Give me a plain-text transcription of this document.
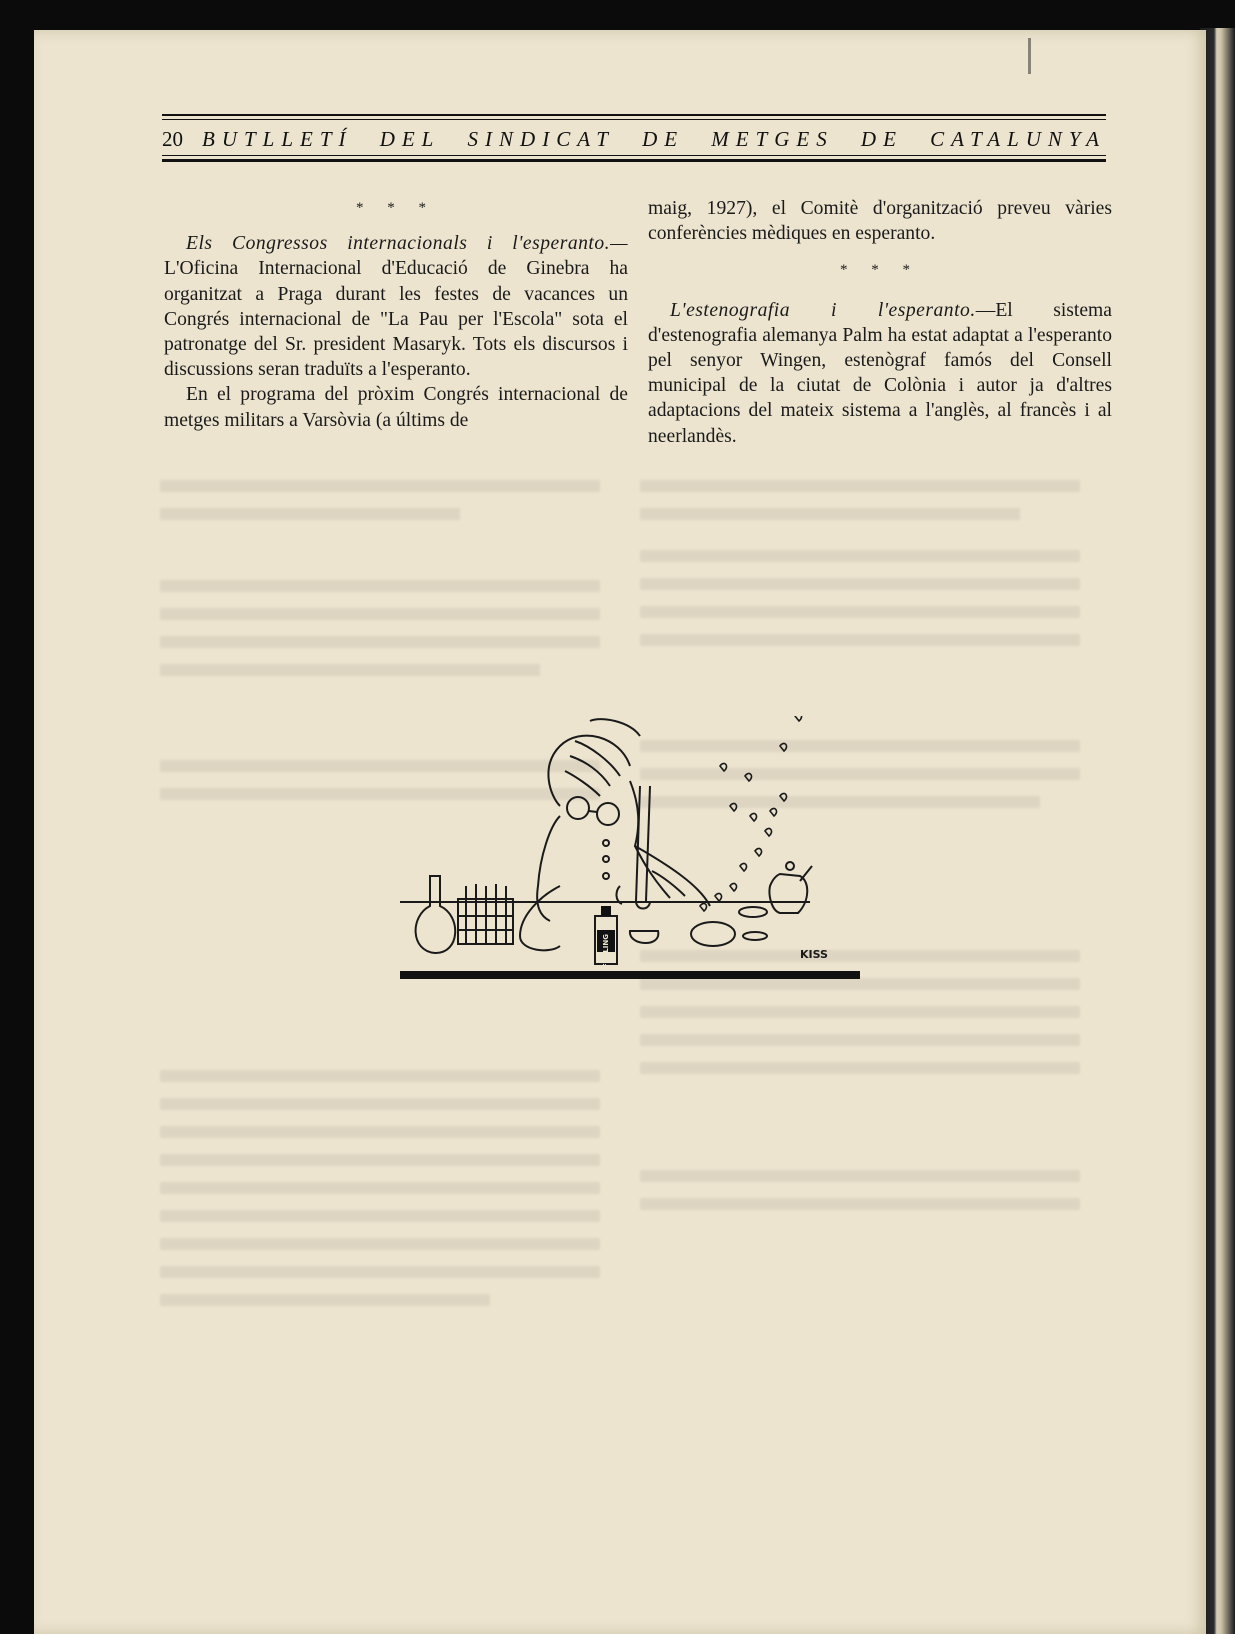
20 BUTLLETÍ DEL SINDICAT DE METGES DE CATALUNYA
* * *

Els Congressos internacionals i l'esperanto.— L'Oficina Internacional d'Educació de Ginebra ha organitzat a Praga durant les festes de vacances un Congrés internacional de "La Pau per l'Escola" sota el patronatge del Sr. president Masaryk. Tots els discursos i discussions seran traduïts a l'esperanto.

En el programa del pròxim Congrés internacional de metges militars a Varsòvia (a últims de

maig, 1927), el Comitè d'organització preveu vàries conferències mèdiques en esperanto.

* * *

L'estenografia i l'esperanto.—El sistema d'estenografia alemanya Palm ha estat adaptat a l'esperanto pel senyor Wingen, estenògraf famós del Consell municipal de la ciutat de Colònia i autor ja d'altres adaptacions del mateix sistema a l'anglès, al francès i al neerlandès.

FEHLING	KISS
